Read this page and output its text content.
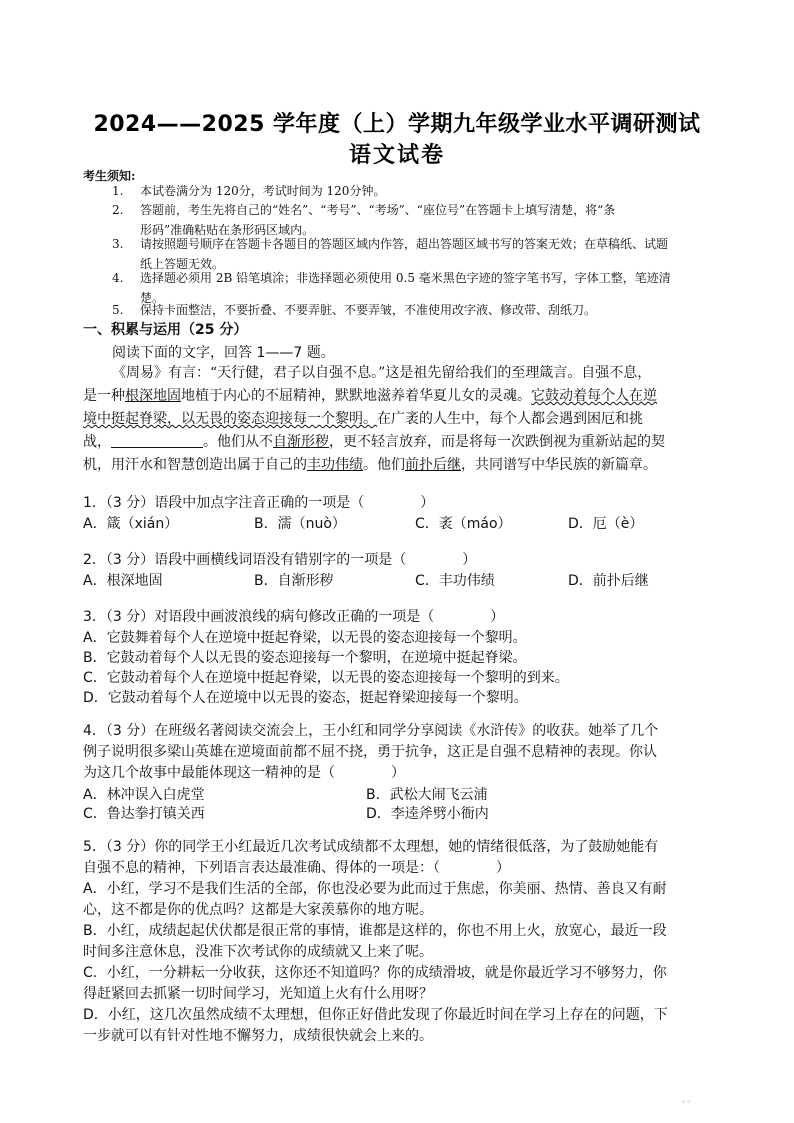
2024——2025 学年度（上）学期九年级学业水平调研测试
语文试卷
考生须知:
1. 本试卷满分为 120分，考试时间为 120分钟。
2. 答题前，考生先将自己的“姓名”、“考号”、“考场”、“座位号”在答题卡上填写清楚，将“条
形码”准确粘贴在条形码区域内。
3. 请按照题号顺序在答题卡各题目的答题区域内作答，超出答题区域书写的答案无效；在草稿纸、试题
纸上答题无效。
4. 选择题必须用 2B 铅笔填涂；非选择题必须使用 0.5 毫米黑色字迹的签字笔书写，字体工整，笔迹清
楚。
5. 保持卡面整洁，不要折叠、不要弄脏、不要弄皱，不准使用改字液、修改带、刮纸刀。
一、积累与运用（25 分）
阅读下面的文字，回答 1——7 题。
《周易》有言：“天行健，君子以自强不息。”这是祖先留给我们的至理箴言。自强不息，
是一种根深地固地植于内心的不屈精神，默默地滋养着华夏儿女的灵魂。它鼓动着每个人在逆
境中挺起脊梁，以无畏的姿态迎接每一个黎明。在广袤的人生中，每个人都会遇到困厄和挑
战，	。他们从不自渐形秽，更不轻言放弃，而是将每一次跌倒视为重新站起的契
机，用汗水和智慧创造出属于自己的丰功伟绩。他们前扑后继，共同谱写中华民族的新篇章。
1．（3 分）语段中加点字注音正确的一项是（　　　　）
A．箴（xián）	B．濡（nuò）	C．袤（máo）	D．厄（è）
2．（3 分）语段中画横线词语没有错别字的一项是（　　　　）
A．根深地固	B．自渐形秽	C．丰功伟绩	D．前扑后继
3．（3 分）对语段中画波浪线的病句修改正确的一项是（　　　　）
A．它鼓舞着每个人在逆境中挺起脊梁，以无畏的姿态迎接每一个黎明。
B．它鼓动着每个人以无畏的姿态迎接每一个黎明，在逆境中挺起脊梁。
C．它鼓动着每个人在逆境中挺起脊梁，以无畏的姿态迎接每一个黎明的到来。
D．它鼓动着每个人在逆境中以无畏的姿态，挺起脊梁迎接每一个黎明。
4．（3 分）在班级名著阅读交流会上，王小红和同学分享阅读《水浒传》的收获。她举了几个
例子说明很多梁山英雄在逆境面前都不屈不挠，勇于抗争，这正是自强不息精神的表现。你认
为这几个故事中最能体现这一精神的是（　　　　）
A．林冲误入白虎堂	B．武松大闹飞云浦
C．鲁达拳打镇关西	D．李逵斧劈小衙内
5．（3 分）你的同学王小红最近几次考试成绩都不太理想，她的情绪很低落，为了鼓励她能有
自强不息的精神，下列语言表达最准确、得体的一项是：（　　　　）
A．小红，学习不是我们生活的全部，你也没必要为此而过于焦虑，你美丽、热情、善良又有耐
心，这不都是你的优点吗？这都是大家羡慕你的地方呢。
B．小红，成绩起起伏伏都是很正常的事情，谁都是这样的，你也不用上火，放宽心，最近一段
时间多注意休息，没准下次考试你的成绩就又上来了呢。
C．小红，一分耕耘一分收获，这你还不知道吗？你的成绩滑坡，就是你最近学习不够努力，你
得赶紧回去抓紧一切时间学习，光知道上火有什么用呀？
D．小红，这几次虽然成绩不太理想，但你正好借此发现了你最近时间在学习上存在的问题，下
一步就可以有针对性地不懈努力，成绩很快就会上来的。
◦◦
